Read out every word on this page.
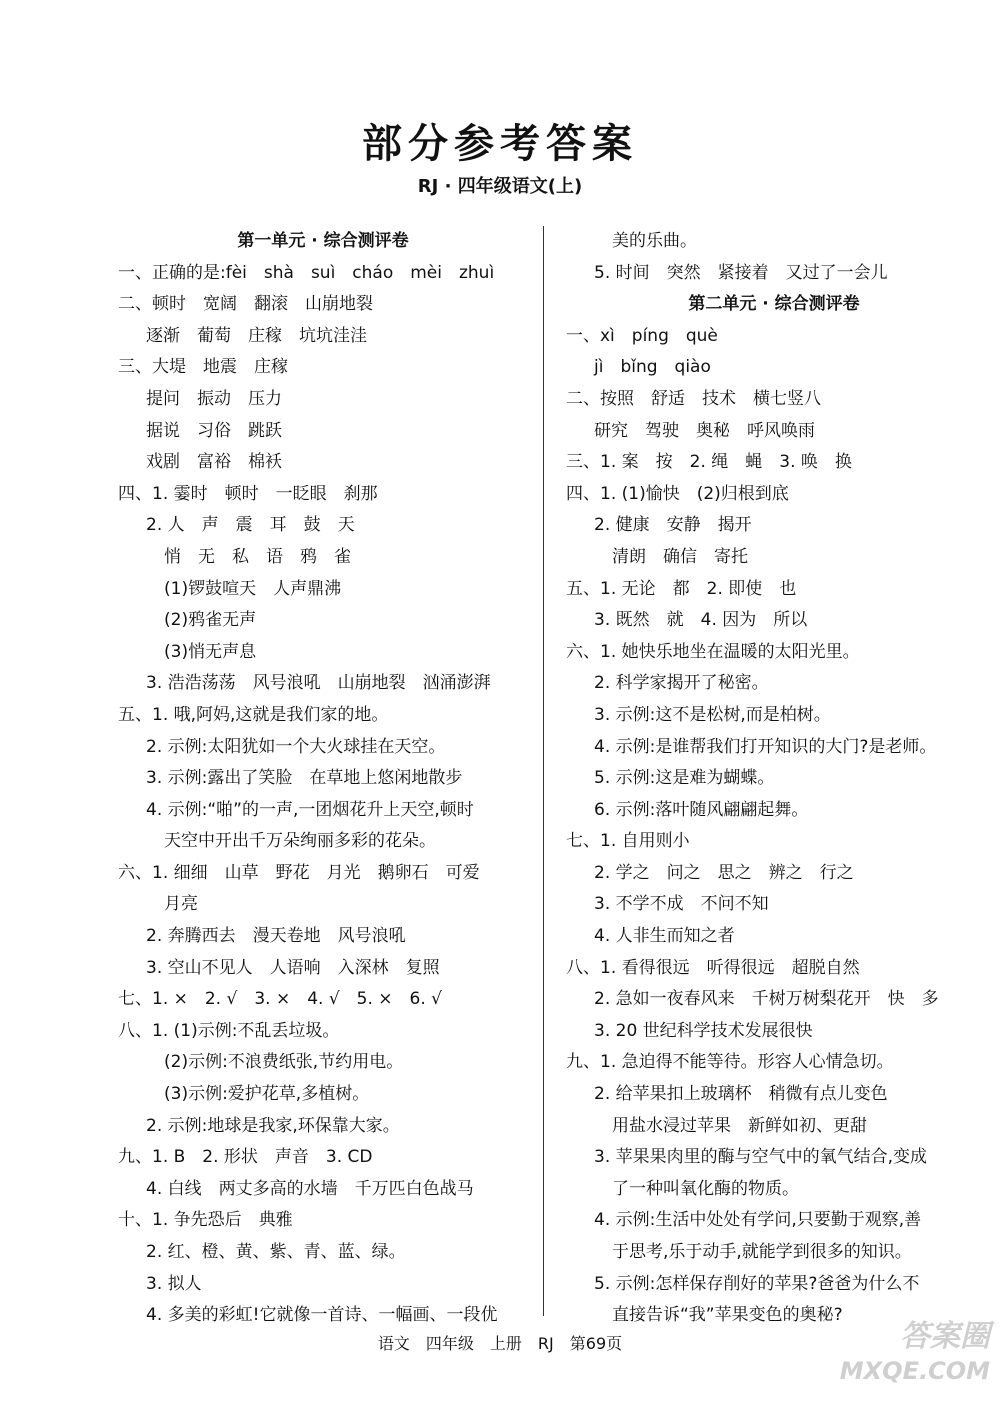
部分参考答案
RJ · 四年级语文(上)
第一单元 · 综合测评卷
一、正确的是:fèi　shà　suì　cháo　mèi　zhuì
二、顿时　宽阔　翻滚　山崩地裂
逐渐　葡萄　庄稼　坑坑洼洼
三、大堤　地震　庄稼
提问　振动　压力
据说　习俗　跳跃
戏剧　富裕　棉袄
四、1. 霎时　顿时　一眨眼　刹那
2. 人　声　震　耳　鼓　天
悄　无　私　语　鸦　雀
(1)锣鼓喧天　人声鼎沸
(2)鸦雀无声
(3)悄无声息
3. 浩浩荡荡　风号浪吼　山崩地裂　汹涌澎湃
五、1. 哦,阿妈,这就是我们家的地。
2. 示例:太阳犹如一个大火球挂在天空。
3. 示例:露出了笑脸　在草地上悠闲地散步
4. 示例:“啪”的一声,一团烟花升上天空,顿时
天空中开出千万朵绚丽多彩的花朵。
六、1. 细细　山草　野花　月光　鹅卵石　可爱
月亮
2. 奔腾西去　漫天卷地　风号浪吼
3. 空山不见人　人语响　入深林　复照
七、1. ×　2. √　3. ×　4. √　5. ×　6. √
八、1. (1)示例:不乱丢垃圾。
(2)示例:不浪费纸张,节约用电。
(3)示例:爱护花草,多植树。
2. 示例:地球是我家,环保靠大家。
九、1. B　2. 形状　声音　3. CD
4. 白线　两丈多高的水墙　千万匹白色战马
十、1. 争先恐后　典雅
2. 红、橙、黄、紫、青、蓝、绿。
3. 拟人
4. 多美的彩虹!它就像一首诗、一幅画、一段优
美的乐曲。
5. 时间　突然　紧接着　又过了一会儿
第二单元 · 综合测评卷
一、xì　píng　què
jì　bǐng　qiào
二、按照　舒适　技术　横七竖八
研究　驾驶　奥秘　呼风唤雨
三、1. 案　按　2. 绳　蝇　3. 唤　换
四、1. (1)愉快　(2)归根到底
2. 健康　安静　揭开
清朗　确信　寄托
五、1. 无论　都　2. 即使　也
3. 既然　就　4. 因为　所以
六、1. 她快乐地坐在温暖的太阳光里。
2. 科学家揭开了秘密。
3. 示例:这不是松树,而是柏树。
4. 示例:是谁帮我们打开知识的大门?是老师。
5. 示例:这是难为蝴蝶。
6. 示例:落叶随风翩翩起舞。
七、1. 自用则小
2. 学之　问之　思之　辨之　行之
3. 不学不成　不问不知
4. 人非生而知之者
八、1. 看得很远　听得很远　超脱自然
2. 急如一夜春风来　千树万树梨花开　快　多
3. 20 世纪科学技术发展很快
九、1. 急迫得不能等待。形容人心情急切。
2. 给苹果扣上玻璃杯　稍微有点儿变色
用盐水浸过苹果　新鲜如初、更甜
3. 苹果果肉里的酶与空气中的氧气结合,变成
了一种叫氧化酶的物质。
4. 示例:生活中处处有学问,只要勤于观察,善
于思考,乐于动手,就能学到很多的知识。
5. 示例:怎样保存削好的苹果?爸爸为什么不
直接告诉“我”苹果变色的奥秘?
语文　 四年级　 上册　 RJ　 第69页	答案圈
MXQE.COM
